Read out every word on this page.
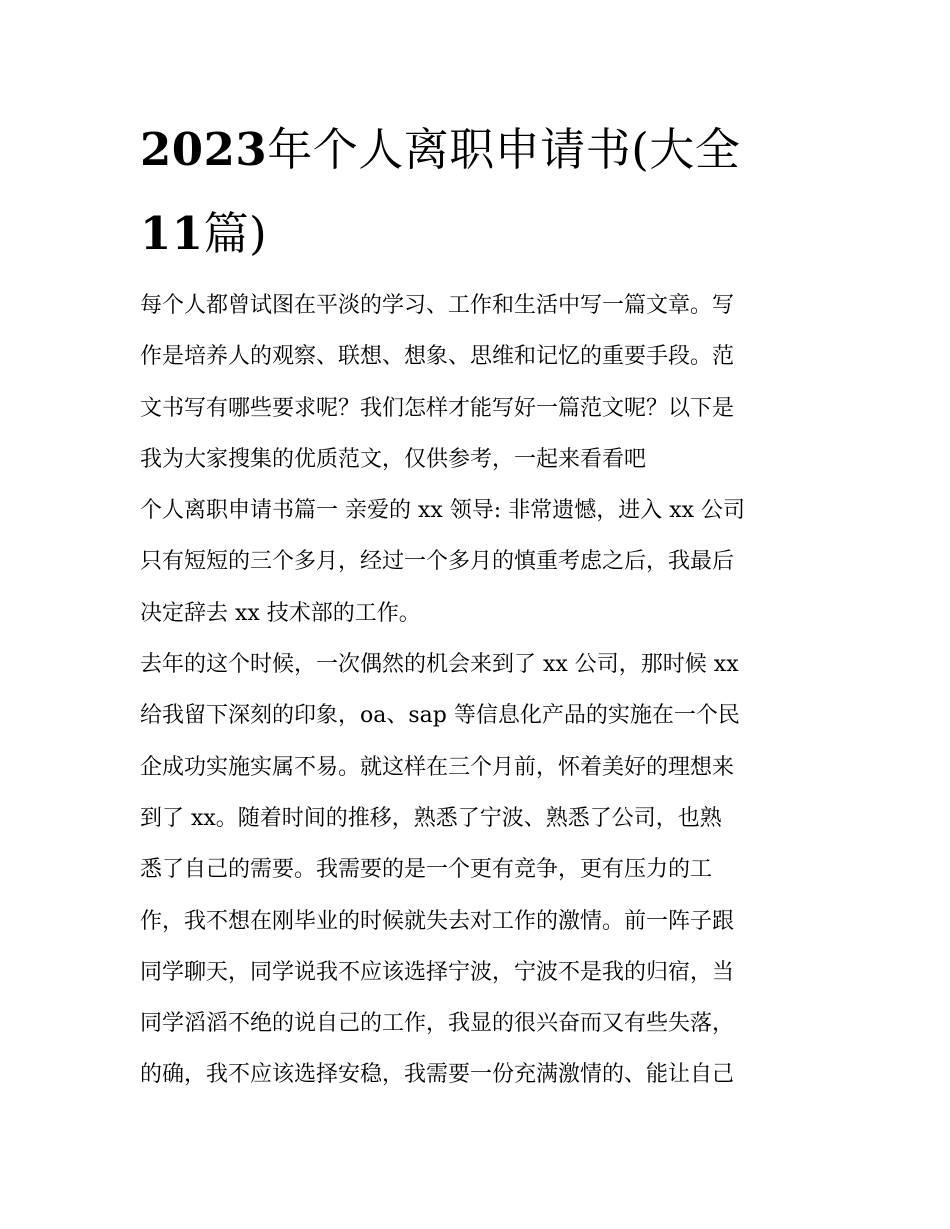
2023年个人离职申请书(大全
11篇)

每个人都曾试图在平淡的学习、工作和生活中写一篇文章。写
作是培养人的观察、联想、想象、思维和记忆的重要手段。范
文书写有哪些要求呢？我们怎样才能写好一篇范文呢？以下是
我为大家搜集的优质范文，仅供参考，一起来看看吧

个人离职申请书篇一 亲爱的 xx 领导: 非常遗憾，进入 xx 公司
只有短短的三个多月，经过一个多月的慎重考虑之后，我最后
决定辞去 xx 技术部的工作。

去年的这个时候，一次偶然的机会来到了 xx 公司，那时候 xx
给我留下深刻的印象，oa、sap 等信息化产品的实施在一个民
企成功实施实属不易。就这样在三个月前，怀着美好的理想来
到了 xx。随着时间的推移，熟悉了宁波、熟悉了公司，也熟
悉了自己的需要。我需要的是一个更有竞争，更有压力的工
作，我不想在刚毕业的时候就失去对工作的激情。前一阵子跟
同学聊天，同学说我不应该选择宁波，宁波不是我的归宿，当
同学滔滔不绝的说自己的工作，我显的很兴奋而又有些失落，
的确，我不应该选择安稳，我需要一份充满激情的、能让自己
